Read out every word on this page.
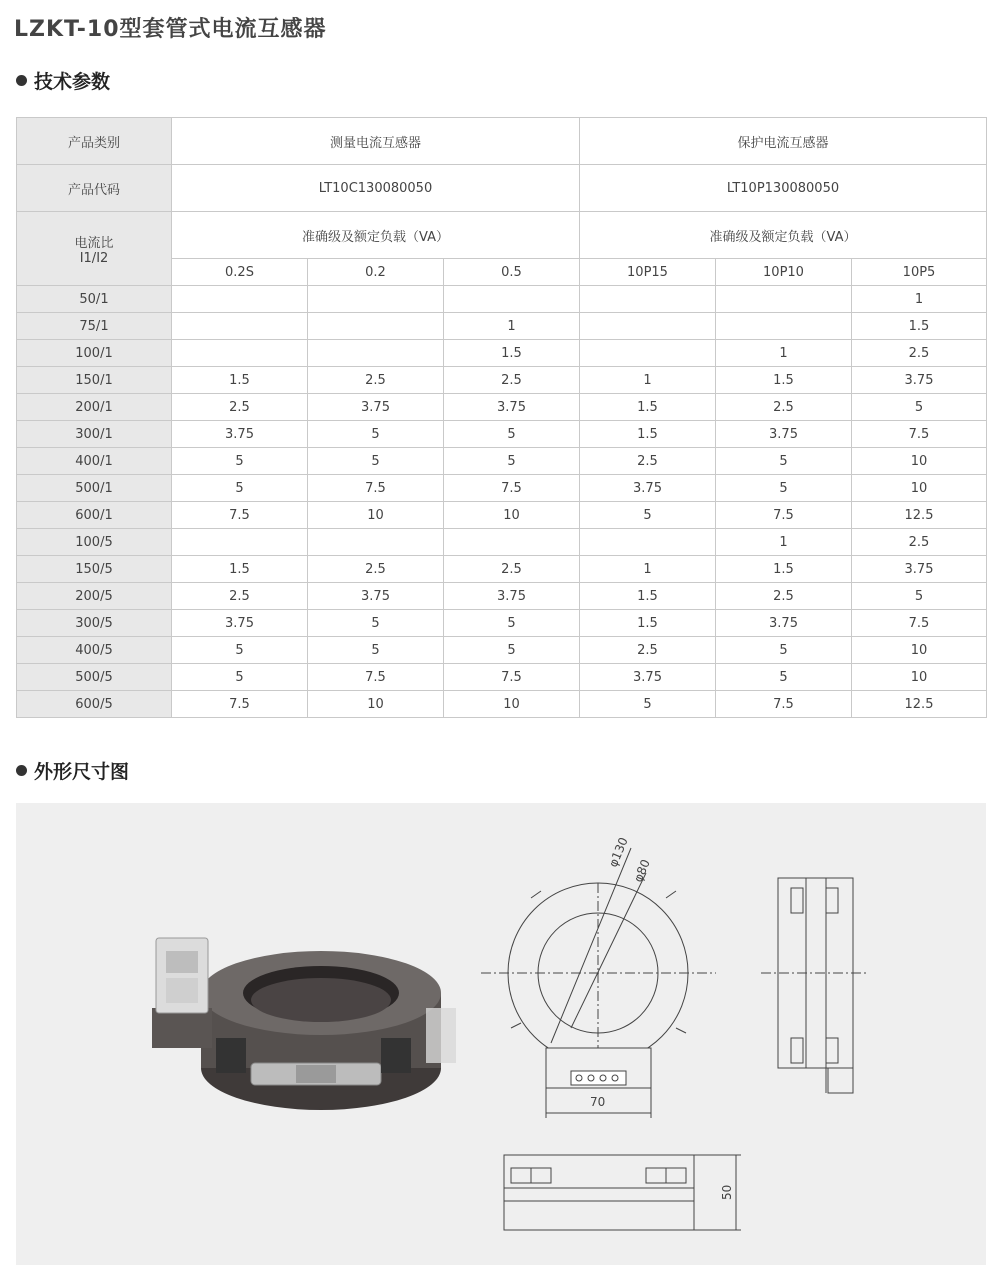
LZKT-10型套管式电流互感器
技术参数
产品类别	测量电流互感器			保护电流互感器		
产品代码	LT10C130080050			LT10P130080050		

电流比
I1/I2	准确级及额定负载（VA）			准确级及额定负载（VA）		
	0.2S	0.2	0.5	10P15	10P10	10P5
50/1						1
75/1			1			1.5
100/1			1.5		1	2.5
150/1	1.5	2.5	2.5	1	1.5	3.75
200/1	2.5	3.75	3.75	1.5	2.5	5
300/1	3.75	5	5	1.5	3.75	7.5
400/1	5	5	5	2.5	5	10
500/1	5	7.5	7.5	3.75	5	10
600/1	7.5	10	10	5	7.5	12.5
100/5					1	2.5
150/5	1.5	2.5	2.5	1	1.5	3.75
200/5	2.5	3.75	3.75	1.5	2.5	5
300/5	3.75	5	5	1.5	3.75	7.5
400/5	5	5	5	2.5	5	10
500/5	5	7.5	7.5	3.75	5	10
600/5	7.5	10	10	5	7.5	12.5
外形尺寸图
70
φ130
φ80
50
